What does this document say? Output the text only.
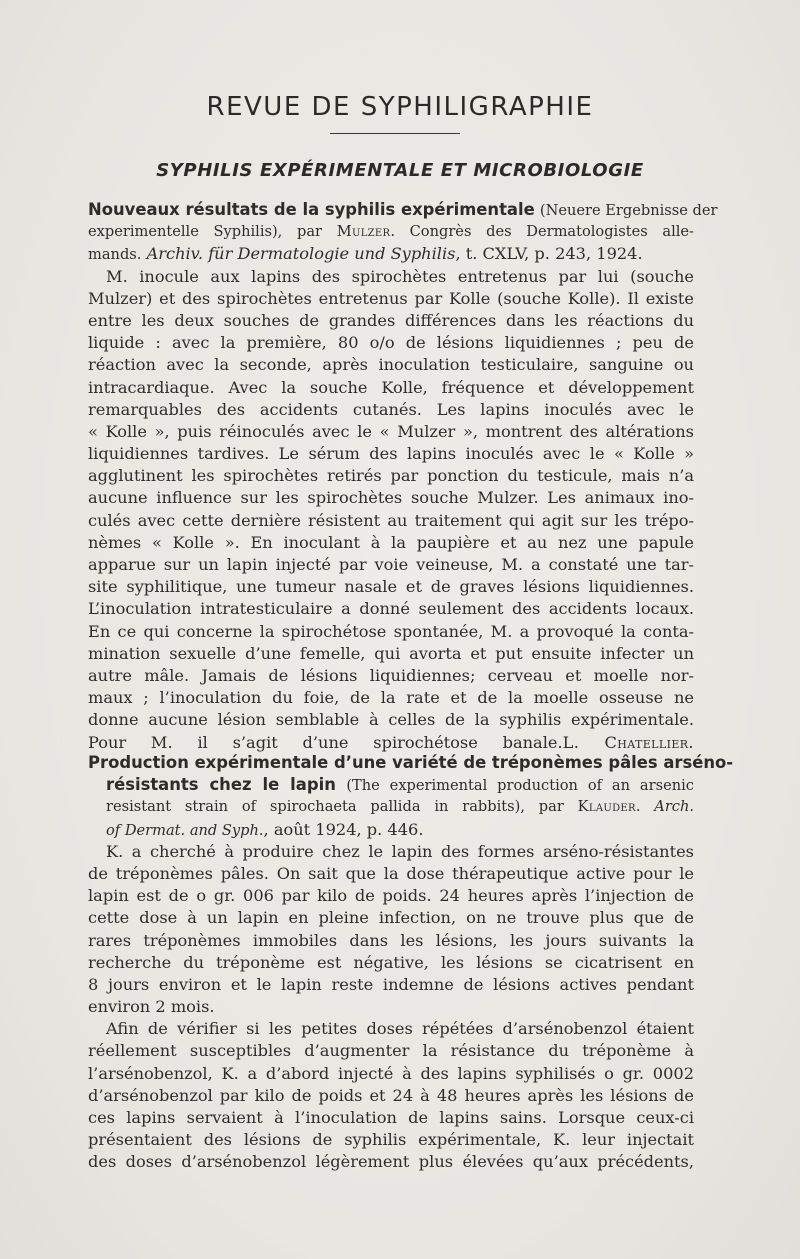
REVUE DE SYPHILIGRAPHIE
SYPHILIS EXPÉRIMENTALE ET MICROBIOLOGIE
Nouveaux résultats de la syphilis expérimentale (Neuere Ergebnisse der
experimentelle Syphilis), par Mulzer. Congrès des Dermatologistes alle-
mands. Archiv. für Dermatologie und Syphilis, t. CXLV, p. 243, 1924.
M. inocule aux lapins des spirochètes entretenus par lui (souche
Mulzer) et des spirochètes entretenus par Kolle (souche Kolle). Il existe
entre les deux souches de grandes différences dans les réactions du
liquide : avec la première, 80 o/o de lésions liquidiennes ; peu de
réaction avec la seconde, après inoculation testiculaire, sanguine ou
intracardiaque. Avec la souche Kolle, fréquence et développement
remarquables des accidents cutanés. Les lapins inoculés avec le
« Kolle », puis réinoculés avec le « Mulzer », montrent des altérations
liquidiennes tardives. Le sérum des lapins inoculés avec le « Kolle »
agglutinent les spirochètes retirés par ponction du testicule, mais n’a
aucune influence sur les spirochètes souche Mulzer. Les animaux ino-
culés avec cette dernière résistent au traitement qui agit sur les trépo-
nèmes « Kolle ». En inoculant à la paupière et au nez une papule
apparue sur un lapin injecté par voie veineuse, M. a constaté une tar-
site syphilitique, une tumeur nasale et de graves lésions liquidiennes.
L’inoculation intratesticulaire a donné seulement des accidents locaux.
En ce qui concerne la spirochétose spontanée, M. a provoqué la conta-
mination sexuelle d’une femelle, qui avorta et put ensuite infecter un
autre mâle. Jamais de lésions liquidiennes; cerveau et moelle nor-
maux ; l’inoculation du foie, de la rate et de la moelle osseuse ne
donne aucune lésion semblable à celles de la syphilis expérimentale.
Pour M. il s’agit d’une spirochétose banale.L. Chatellier.
Production expérimentale d’une variété de tréponèmes pâles arséno-
résistants chez le lapin (The experimental production of an arsenic
resistant strain of spirochaeta pallida in rabbits), par Klauder. Arch.
of Dermat. and Syph., août 1924, p. 446.
K. a cherché à produire chez le lapin des formes arséno-résistantes
de tréponèmes pâles. On sait que la dose thérapeutique active pour le
lapin est de o gr. 006 par kilo de poids. 24 heures après l’injection de
cette dose à un lapin en pleine infection, on ne trouve plus que de
rares tréponèmes immobiles dans les lésions, les jours suivants la
recherche du tréponème est négative, les lésions se cicatrisent en
8 jours environ et le lapin reste indemne de lésions actives pendant
environ 2 mois.
Afin de vérifier si les petites doses répétées d’arsénobenzol étaient
réellement susceptibles d’augmenter la résistance du tréponème à
l’arsénobenzol, K. a d’abord injecté à des lapins syphilisés o gr. 0002
d’arsénobenzol par kilo de poids et 24 à 48 heures après les lésions de
ces lapins servaient à l’inoculation de lapins sains. Lorsque ceux-ci
présentaient des lésions de syphilis expérimentale, K. leur injectait
des doses d’arsénobenzol légèrement plus élevées qu’aux précédents,
